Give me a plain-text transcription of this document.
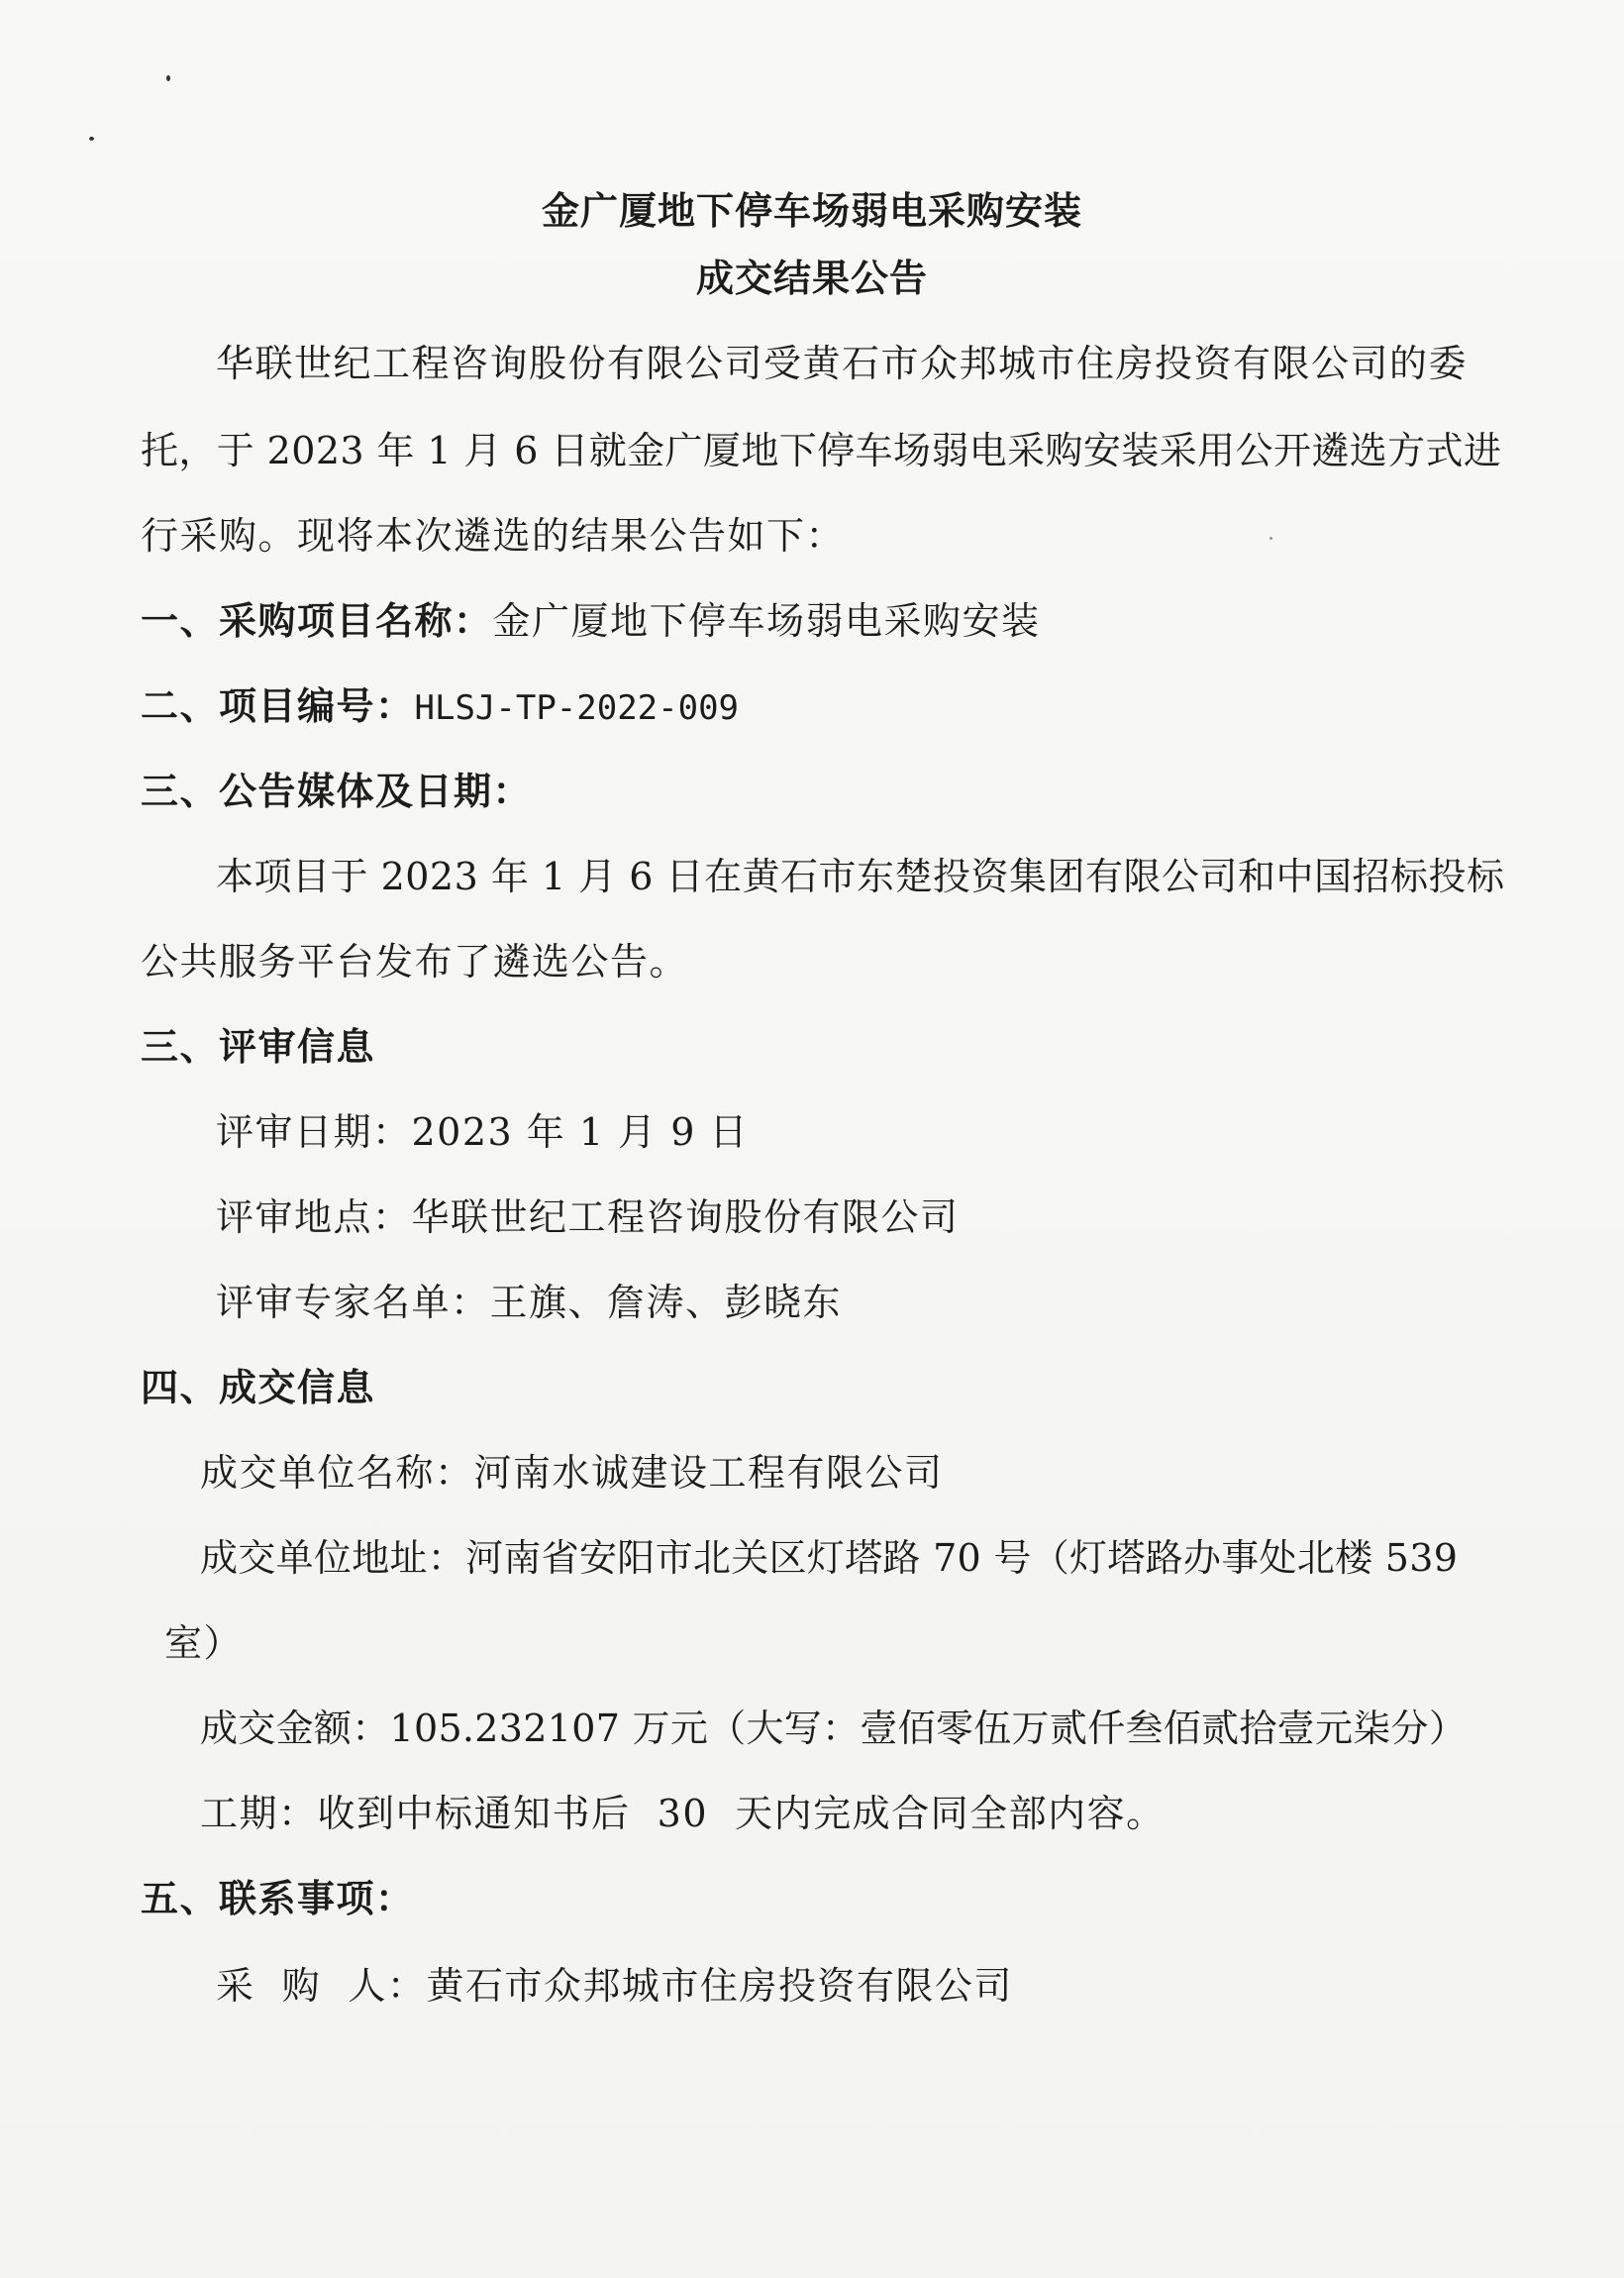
金广厦地下停车场弱电采购安装
成交结果公告
华联世纪工程咨询股份有限公司受黄石市众邦城市住房投资有限公司的委
托，于 2023 年 1 月 6 日就金广厦地下停车场弱电采购安装采用公开遴选方式进
行采购。现将本次遴选的结果公告如下：
一、采购项目名称：金广厦地下停车场弱电采购安装
二、项目编号：HLSJ-TP-2022-009
三、公告媒体及日期：
本项目于 2023 年 1 月 6 日在黄石市东楚投资集团有限公司和中国招标投标
公共服务平台发布了遴选公告。
三、评审信息
评审日期：2023 年 1 月 9 日
评审地点：华联世纪工程咨询股份有限公司
评审专家名单：王旗、詹涛、彭晓东
四、成交信息
成交单位名称：河南水诚建设工程有限公司
成交单位地址：河南省安阳市北关区灯塔路 70 号（灯塔路办事处北楼 539
室）
成交金额：105.232107 万元（大写：壹佰零伍万贰仟叁佰贰拾壹元柒分）
工期：收到中标通知书后  30  天内完成合同全部内容。
五、联系事项：
采  购  人：黄石市众邦城市住房投资有限公司
